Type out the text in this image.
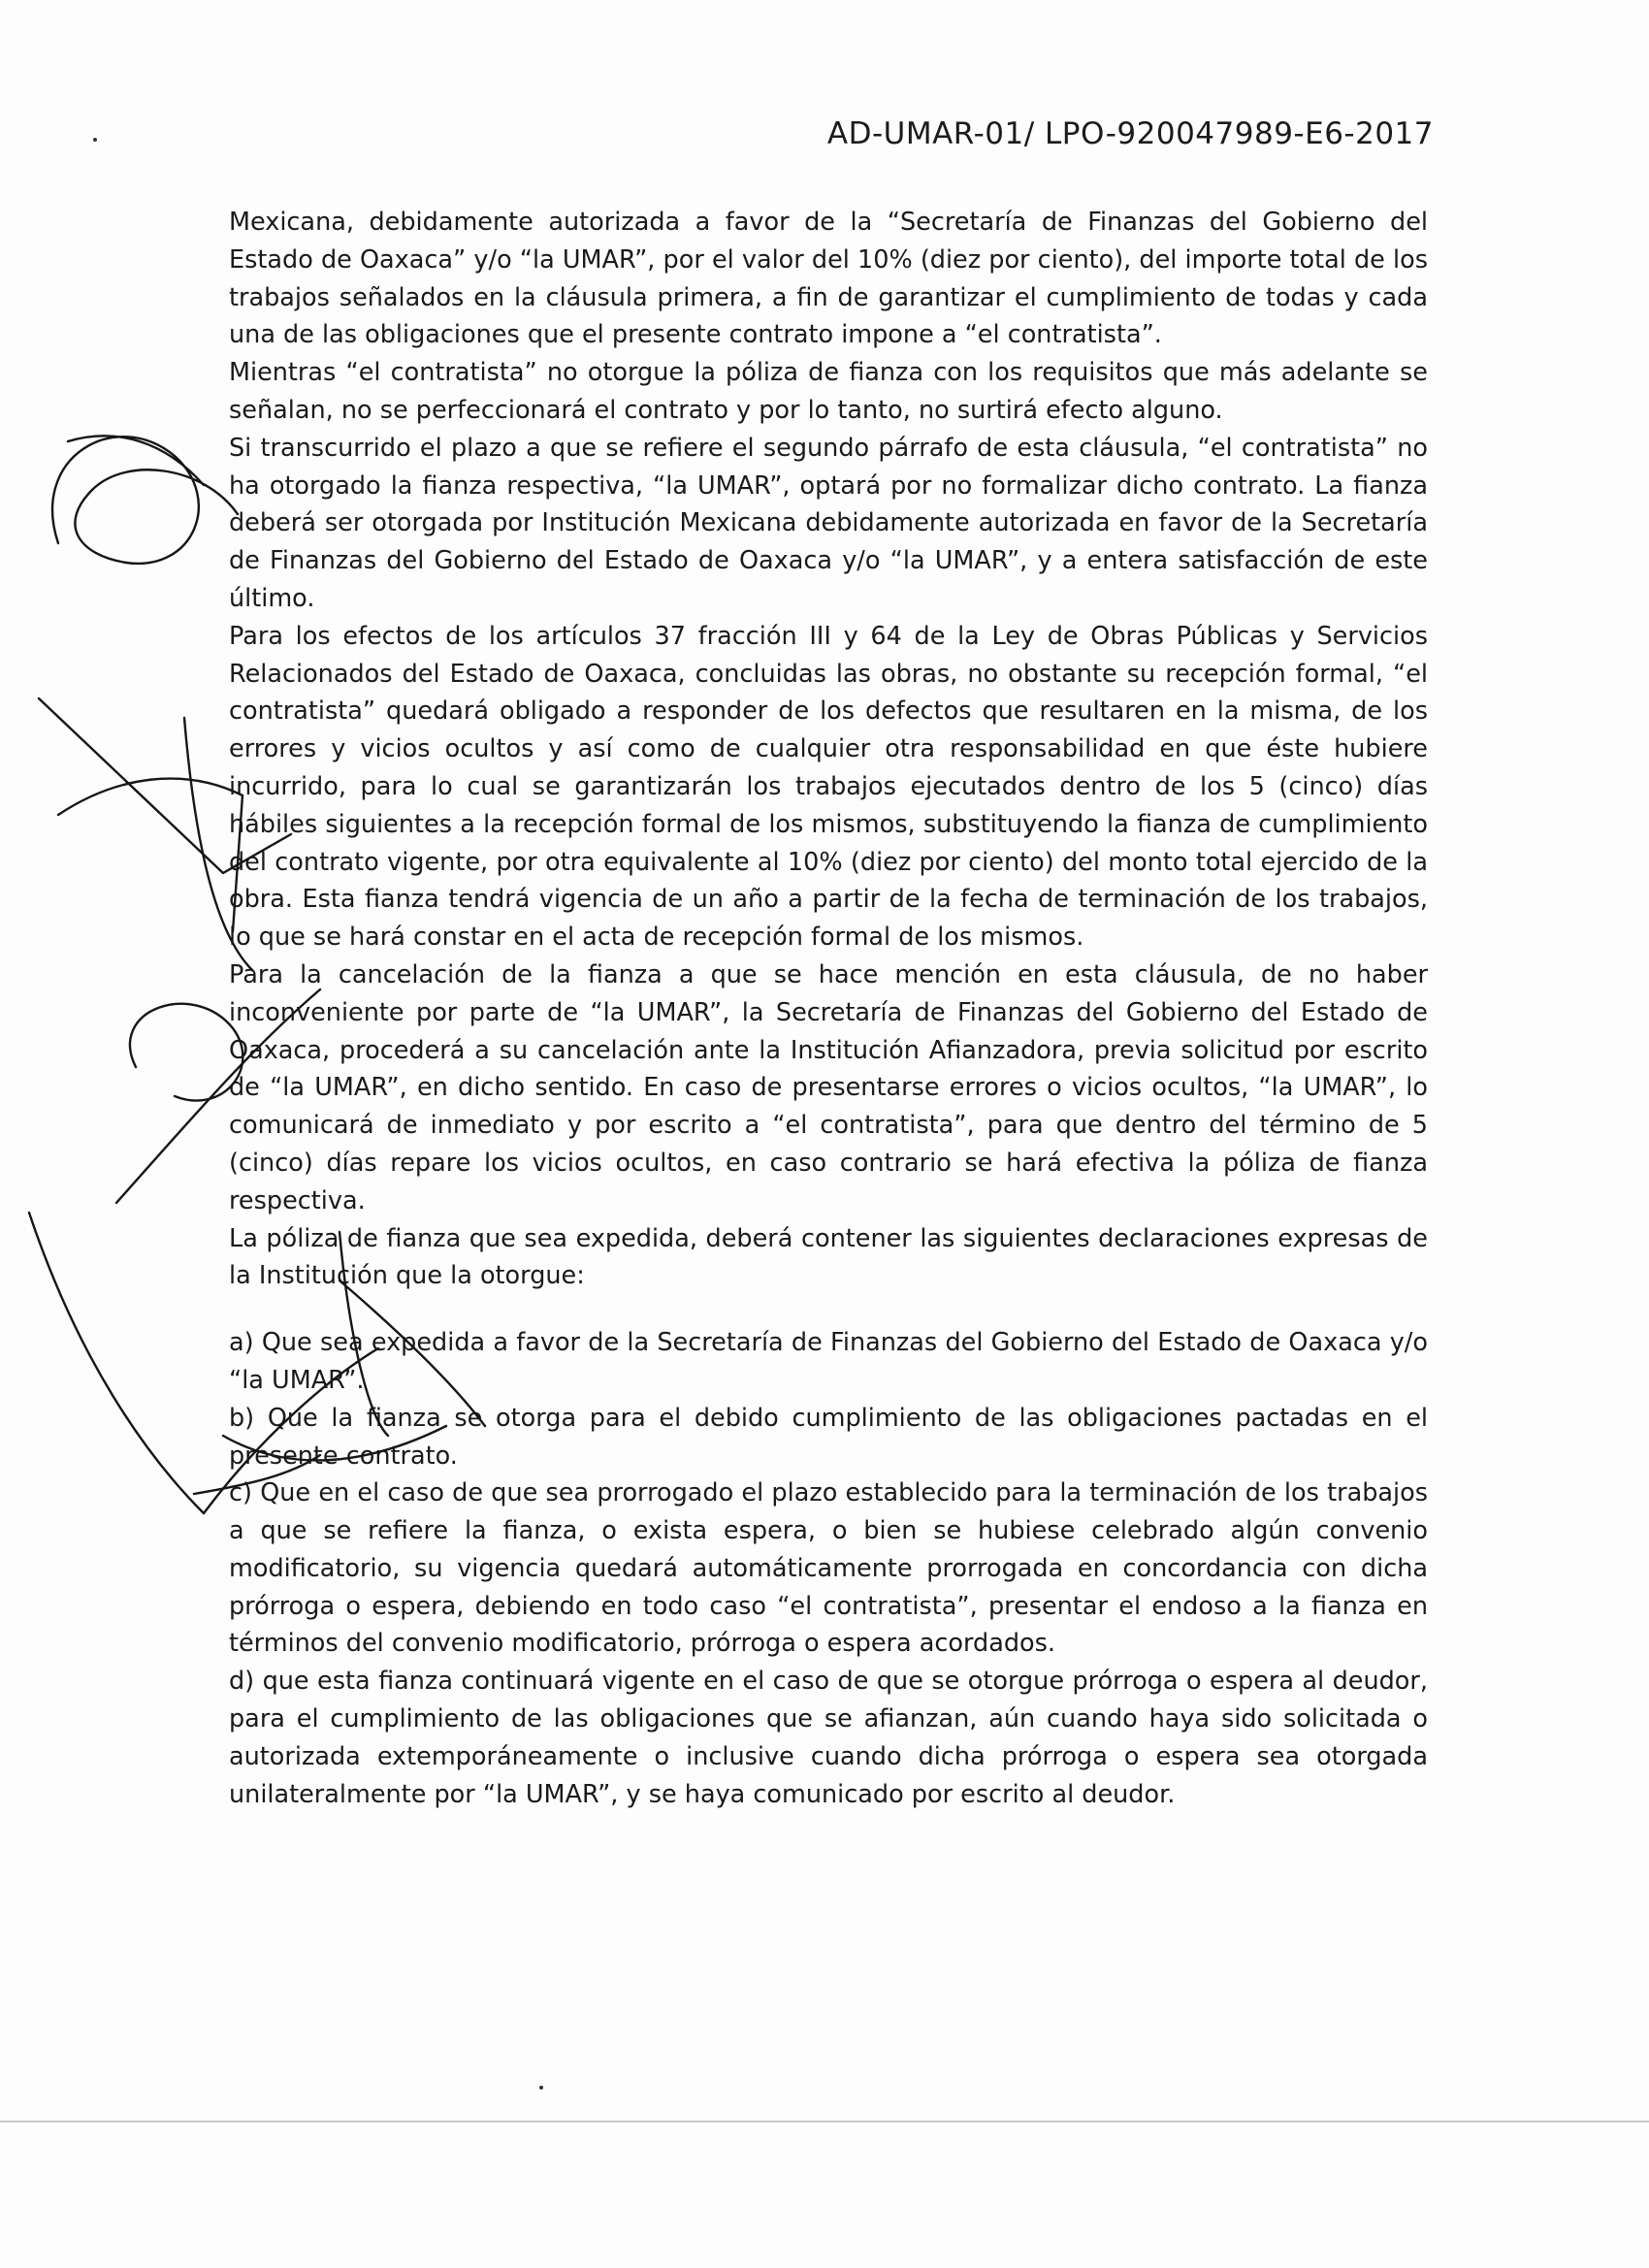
AD-UMAR-01/ LPO-920047989-E6-2017

Mexicana, debidamente autorizada a favor de la “Secretaría de Finanzas del Gobierno del Estado de Oaxaca” y/o “la UMAR”, por el valor del 10% (diez por ciento), del importe total de los trabajos señalados en la cláusula primera, a fin de garantizar el cumplimiento de todas y cada una de las obligaciones que el presente contrato impone a “el contratista”.

Mientras “el contratista” no otorgue la póliza de fianza con los requisitos que más adelante se señalan, no se perfeccionará el contrato y por lo tanto, no surtirá efecto alguno.

Si transcurrido el plazo a que se refiere el segundo párrafo de esta cláusula, “el contratista” no ha otorgado la fianza respectiva, “la UMAR”, optará por no formalizar dicho contrato. La fianza deberá ser otorgada por Institución Mexicana debidamente autorizada en favor de la Secretaría de Finanzas del Gobierno del Estado de Oaxaca y/o “la UMAR”, y a entera satisfacción de este último.

Para los efectos de los artículos 37 fracción III y 64 de la Ley de Obras Públicas y Servicios Relacionados del Estado de Oaxaca, concluidas las obras, no obstante su recepción formal, “el contratista” quedará obligado a responder de los defectos que resultaren en la misma, de los errores y vicios ocultos y así como de cualquier otra responsabilidad en que éste hubiere incurrido, para lo cual se garantizarán los trabajos ejecutados dentro de los 5 (cinco) días hábiles siguientes a la recepción formal de los mismos, substituyendo la fianza de cumplimiento del contrato vigente, por otra equivalente al 10% (diez por ciento) del monto total ejercido de la obra. Esta fianza tendrá vigencia de un año a partir de la fecha de terminación de los trabajos, lo que se hará constar en el acta de recepción formal de los mismos.

Para la cancelación de la fianza a que se hace mención en esta cláusula, de no haber inconveniente por parte de “la UMAR”, la Secretaría de Finanzas del Gobierno del Estado de Oaxaca, procederá a su cancelación ante la Institución Afianzadora, previa solicitud por escrito de “la UMAR”, en dicho sentido. En caso de presentarse errores o vicios ocultos, “la UMAR”, lo comunicará de inmediato y por escrito a “el contratista”, para que dentro del término de 5 (cinco) días repare los vicios ocultos, en caso contrario se hará efectiva la póliza de fianza respectiva.

La póliza de fianza que sea expedida, deberá contener las siguientes declaraciones expresas de la Institución que la otorgue:

a) Que sea expedida a favor de la Secretaría de Finanzas del Gobierno del Estado de Oaxaca y/o “la UMAR”.

b) Que la fianza se otorga para el debido cumplimiento de las obligaciones pactadas en el presente contrato.

c) Que en el caso de que sea prorrogado el plazo establecido para la terminación de los trabajos a que se refiere la fianza, o exista espera, o bien se hubiese celebrado algún convenio modificatorio, su vigencia quedará automáticamente prorrogada en concordancia con dicha prórroga o espera, debiendo en todo caso “el contratista”, presentar el endoso a la fianza en términos del convenio modificatorio, prórroga o espera acordados.

d) que esta fianza continuará vigente en el caso de que se otorgue prórroga o espera al deudor, para el cumplimiento de las obligaciones que se afianzan, aún cuando haya sido solicitada o autorizada extemporáneamente o inclusive cuando dicha prórroga o espera sea otorgada unilateralmente por “la UMAR”, y se haya comunicado por escrito al deudor.
